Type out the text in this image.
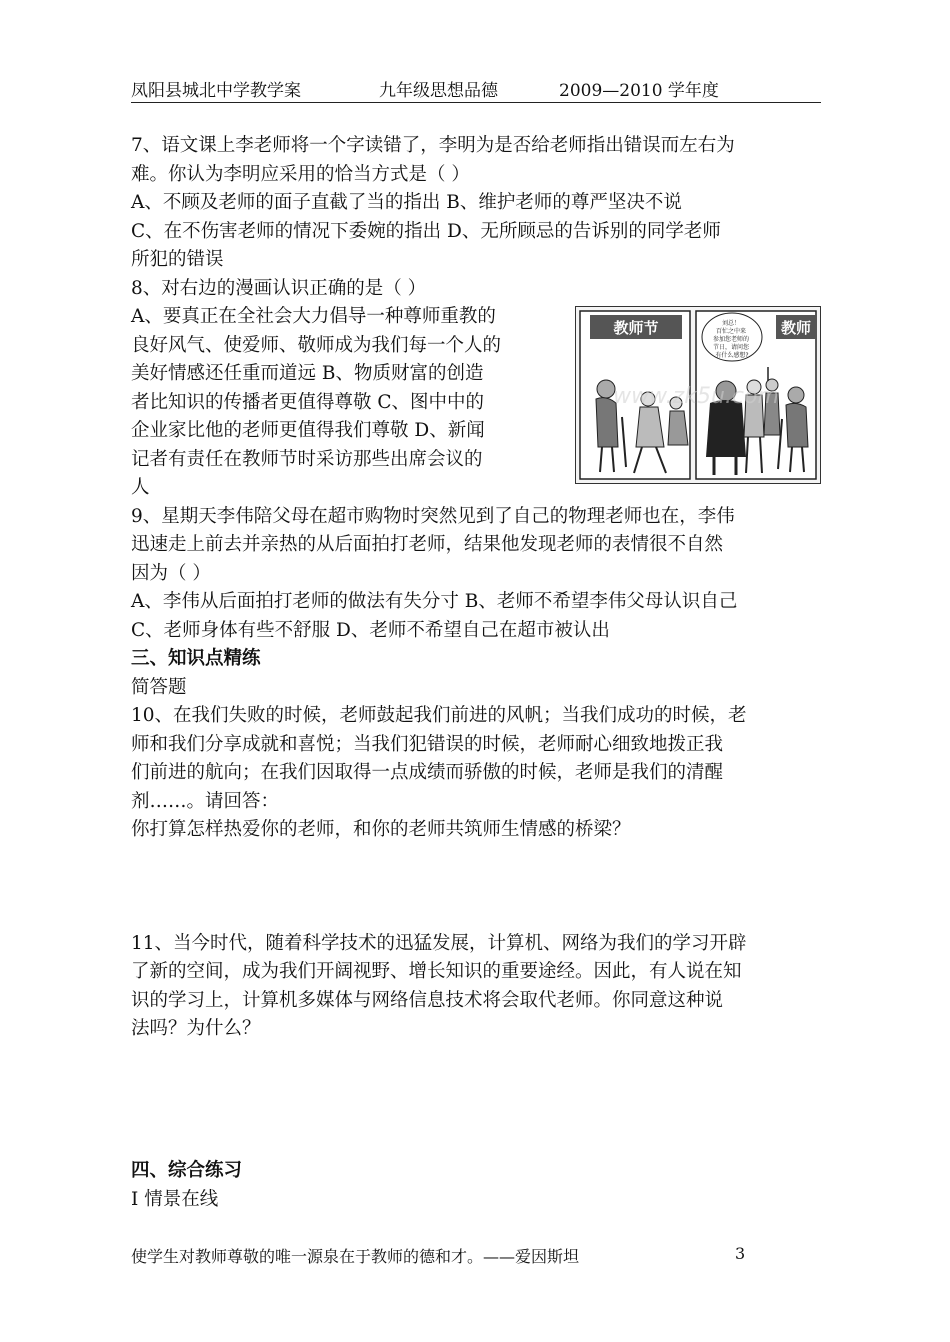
凤阳县城北中学教学案	九年级思想品德	2009—2010 学年度
7、语文课上李老师将一个字读错了，李明为是否给老师指出错误而左右为
难。你认为李明应采用的恰当方式是（ ）
A、不顾及老师的面子直截了当的指出 B、维护老师的尊严坚决不说
C、在不伤害老师的情况下委婉的指出 D、无所顾忌的告诉别的同学老师
所犯的错误
8、对右边的漫画认识正确的是（ ）
A、要真正在全社会大力倡导一种尊师重教的
良好风气、使爱师、敬师成为我们每一个人的
美好情感还任重而道远 B、物质财富的创造
者比知识的传播者更值得尊敬 C、图中中的
企业家比他的老师更值得我们尊敬 D、新闻
记者有责任在教师节时采访那些出席会议的
人
教师节	教师
刘总！ 百忙之中来 参加您老师的 节日，请问您 有什么感想?
www.zk5u.com
9、星期天李伟陪父母在超市购物时突然见到了自己的物理老师也在，李伟
迅速走上前去并亲热的从后面拍打老师，结果他发现老师的表情很不自然
因为（ ）
A、李伟从后面拍打老师的做法有失分寸 B、老师不希望李伟父母认识自己
C、老师身体有些不舒服 D、老师不希望自己在超市被认出
三、知识点精练
简答题
10、在我们失败的时候，老师鼓起我们前进的风帆；当我们成功的时候，老
师和我们分享成就和喜悦；当我们犯错误的时候，老师耐心细致地拨正我
们前进的航向；在我们因取得一点成绩而骄傲的时候，老师是我们的清醒
剂……。请回答：
你打算怎样热爱你的老师，和你的老师共筑师生情感的桥梁？
11、当今时代，随着科学技术的迅猛发展，计算机、网络为我们的学习开辟
了新的空间，成为我们开阔视野、增长知识的重要途经。因此，有人说在知
识的学习上，计算机多媒体与网络信息技术将会取代老师。你同意这种说
法吗？为什么？
四、综合练习
Ⅰ 情景在线
使学生对教师尊敬的唯一源泉在于教师的德和才。——爱因斯坦	3
